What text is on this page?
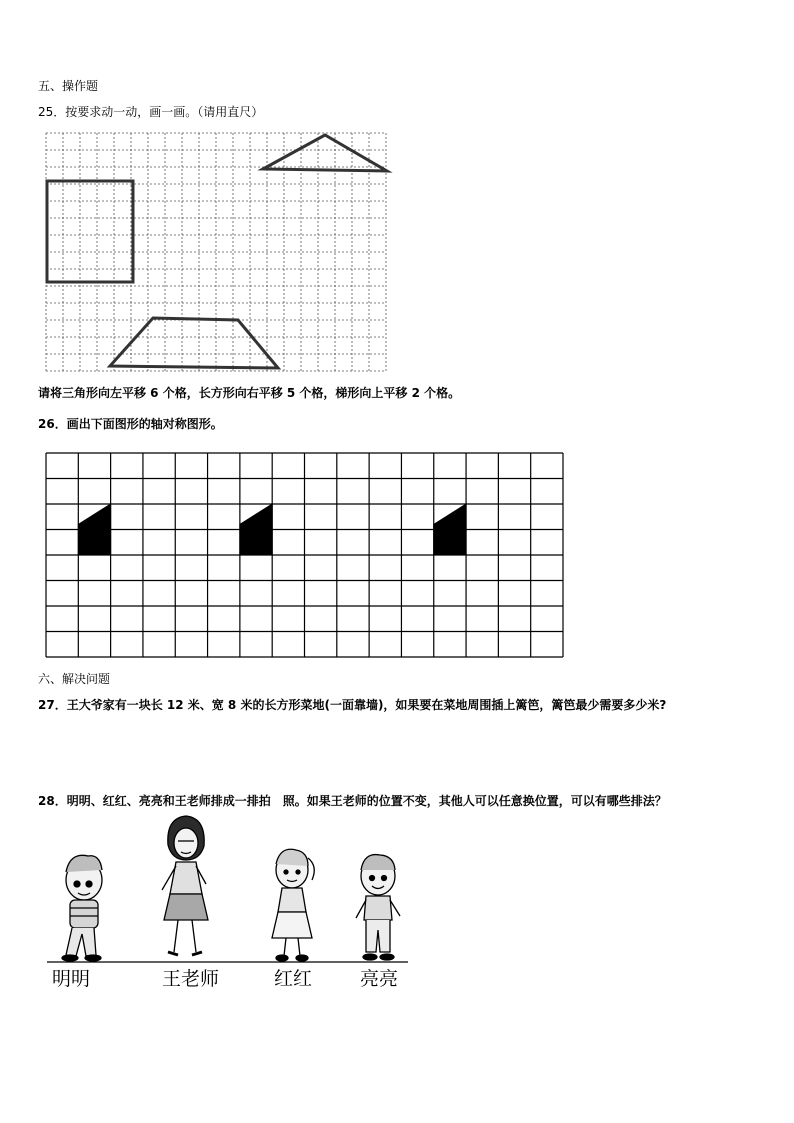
五、操作题
25．按要求动一动，画一画。（请用直尺）
请将三角形向左平移 6 个格，长方形向右平移 5 个格，梯形向上平移 2 个格。
26．画出下面图形的轴对称图形。
六、解决问题
27．王大爷家有一块长 12 米、宽 8 米的长方形菜地(一面靠墙)，如果要在菜地周围插上篱笆，篱笆最少需要多少米?
28．明明、红红、亮亮和王老师排成一排拍　照。如果王老师的位置不变，其他人可以任意换位置，可以有哪些排法？
明明	王老师	红红	亮亮
